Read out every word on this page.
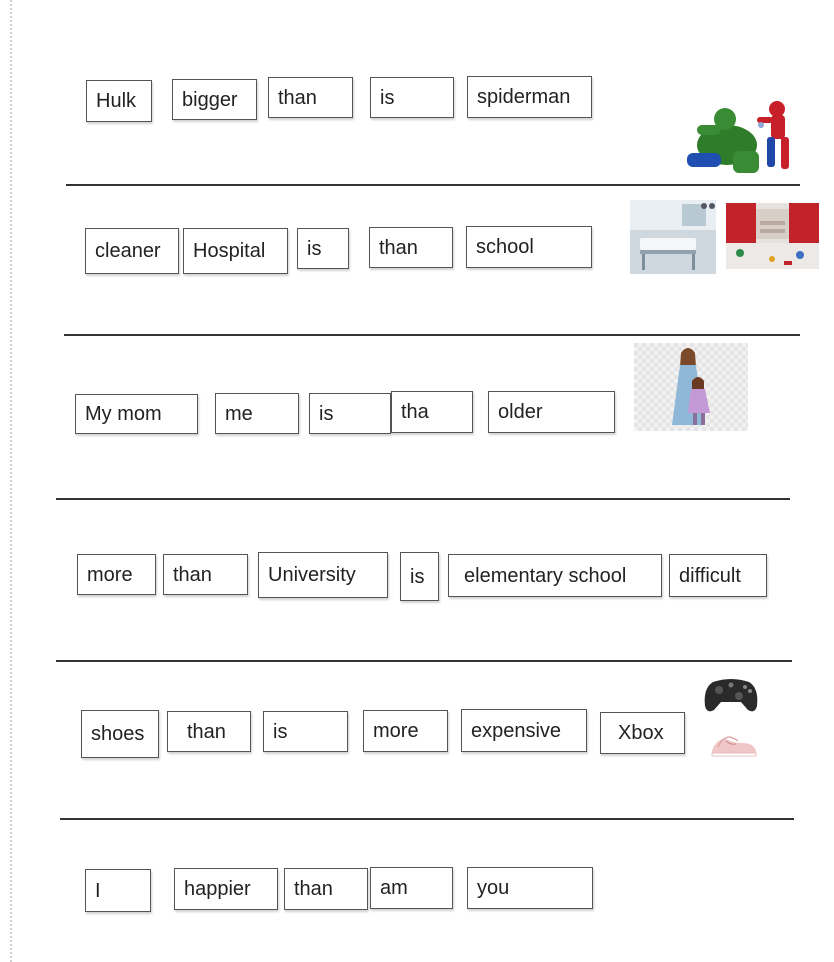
Hulk	bigger	than	is	spiderman
cleaner	Hospital	is	than	school
My mom	me	is	tha	older
more	than	University	is	elementary school	difficult
shoes	than	is	more	expensive	Xbox
I	happier	than	am	you
